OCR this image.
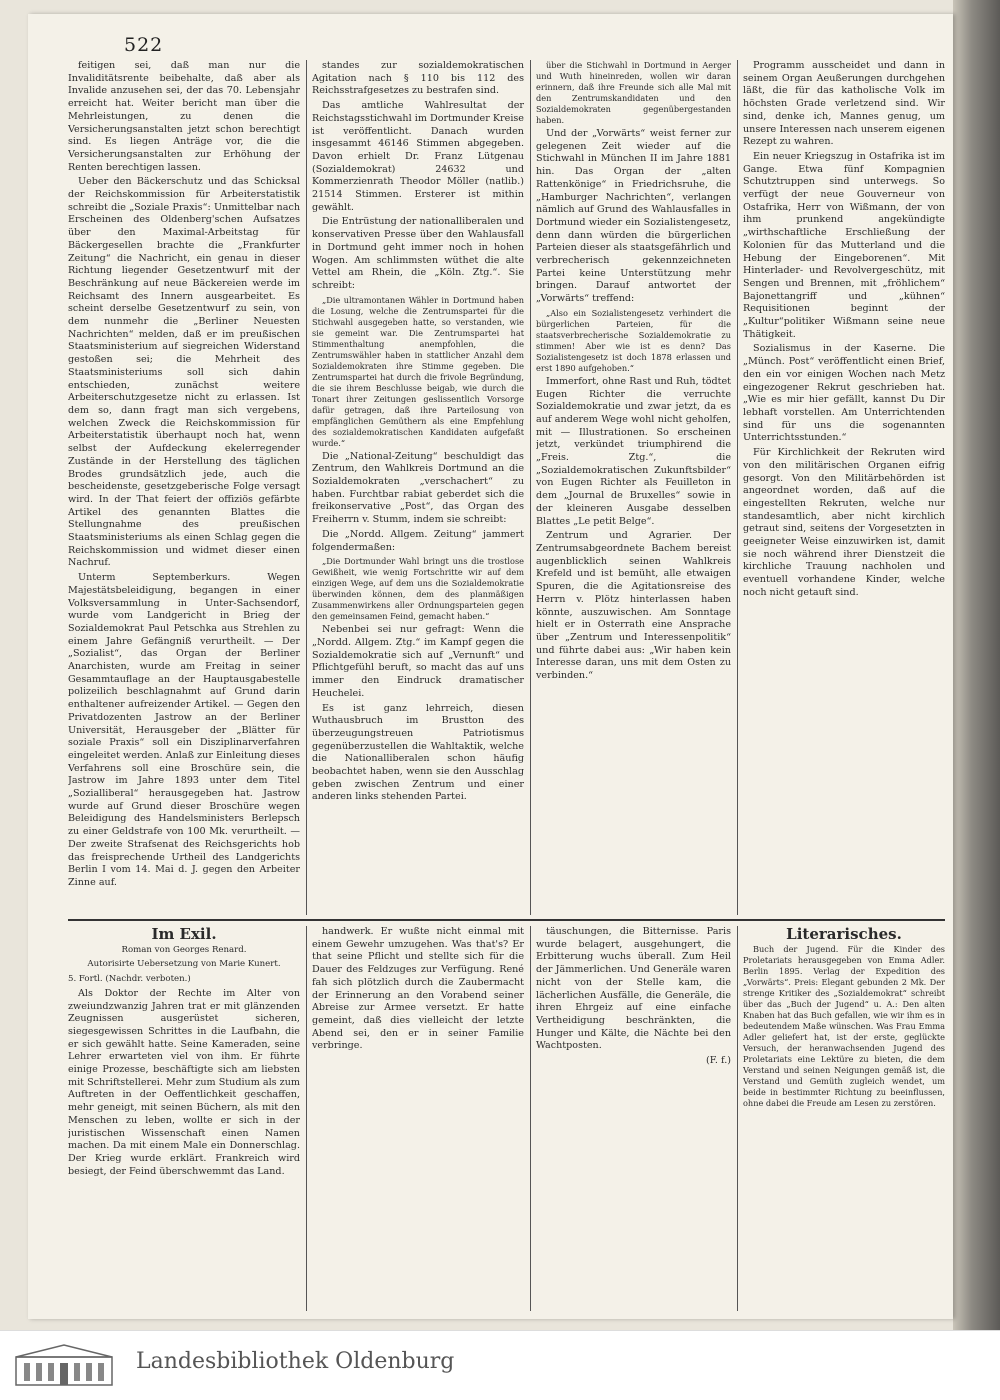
522

feitigen sei, daß man nur die Invaliditätsrente beibehalte, daß aber als Invalide anzusehen sei, der das 70. Lebensjahr erreicht hat. Weiter bericht man über die Mehrleistungen, zu denen die Versicherungsanstalten jetzt schon berechtigt sind. Es liegen Anträge vor, die die Versicherungsanstalten zur Erhöhung der Renten berechtigen lassen.

Ueber den Bäckerschutz und das Schicksal der Reichskommission für Arbeiterstatistik schreibt die „Soziale Praxis“: Unmittelbar nach Erscheinen des Oldenberg'schen Aufsatzes über den Maximal-Arbeitstag für Bäckergesellen brachte die „Frankfurter Zeitung“ die Nachricht, ein genau in dieser Richtung liegender Gesetzentwurf mit der Beschränkung auf neue Bäckereien werde im Reichsamt des Innern ausgearbeitet. Es scheint derselbe Gesetzentwurf zu sein, von dem nunmehr die „Berliner Neuesten Nachrichten“ melden, daß er im preußischen Staatsministerium auf siegreichen Widerstand gestoßen sei; die Mehrheit des Staatsministeriums soll sich dahin entschieden, zunächst weitere Arbeiterschutzgesetze nicht zu erlassen. Ist dem so, dann fragt man sich vergebens, welchen Zweck die Reichskommission für Arbeiterstatistik überhaupt noch hat, wenn selbst der Aufdeckung ekelerregender Zustände in der Herstellung des täglichen Brodes grundsätzlich jede, auch die bescheidenste, gesetzgeberische Folge versagt wird. In der That feiert der offiziös gefärbte Artikel des genannten Blattes die Stellungnahme des preußischen Staatsministeriums als einen Schlag gegen die Reichskommission und widmet dieser einen Nachruf.

Unterm Septemberkurs. Wegen Majestätsbeleidigung, begangen in einer Volksversammlung in Unter-Sachsendorf, wurde vom Landgericht in Brieg der Sozialdemokrat Paul Petschka aus Strehlen zu einem Jahre Gefängniß verurtheilt. — Der „Sozialist“, das Organ der Berliner Anarchisten, wurde am Freitag in seiner Gesammtauflage an der Hauptausgabestelle polizeilich beschlagnahmt auf Grund darin enthaltener aufreizender Artikel. — Gegen den Privatdozenten Jastrow an der Berliner Universität, Herausgeber der „Blätter für soziale Praxis“ soll ein Disziplinarverfahren eingeleitet werden. Anlaß zur Einleitung dieses Verfahrens soll eine Broschüre sein, die Jastrow im Jahre 1893 unter dem Titel „Sozialliberal“ herausgegeben hat. Jastrow wurde auf Grund dieser Broschüre wegen Beleidigung des Handelsministers Berlepsch zu einer Geldstrafe von 100 Mk. verurtheilt. — Der zweite Strafsenat des Reichsgerichts hob das freisprechende Urtheil des Landgerichts Berlin I vom 14. Mai d. J. gegen den Arbeiter Zinne auf.

standes zur sozialdemokratischen Agitation nach § 110 bis 112 des Reichsstrafgesetzes zu bestrafen sind.

Das amtliche Wahlresultat der Reichstagsstichwahl im Dortmunder Kreise ist veröffentlicht. Danach wurden insgesammt 46146 Stimmen abgegeben. Davon erhielt Dr. Franz Lütgenau (Sozialdemokrat) 24632 und Kommerzienrath Theodor Möller (natlib.) 21514 Stimmen. Ersterer ist mithin gewählt.

Die Entrüstung der nationalliberalen und konservativen Presse über den Wahlausfall in Dortmund geht immer noch in hohen Wogen. Am schlimmsten wüthet die alte Vettel am Rhein, die „Köln. Ztg.“. Sie schreibt:

„Die ultramontanen Wähler in Dortmund haben die Losung, welche die Zentrumspartei für die Stichwahl ausgegeben hatte, so verstanden, wie sie gemeint war. Die Zentrumspartei hat Stimmenthaltung anempfohlen, die Zentrumswähler haben in stattlicher Anzahl dem Sozialdemokraten ihre Stimme gegeben. Die Zentrumspartei hat durch die frivole Begründung, die sie ihrem Beschlusse beigab, wie durch die Tonart ihrer Zeitungen geslissentlich Vorsorge dafür getragen, daß ihre Parteilosung von empfänglichen Gemüthern als eine Empfehlung des sozialdemokratischen Kandidaten aufgefaßt wurde.“

Die „National-Zeitung“ beschuldigt das Zentrum, den Wahlkreis Dortmund an die Sozialdemokraten „verschachert“ zu haben. Furchtbar rabiat geberdet sich die freikonservative „Post“, das Organ des Freiherrn v. Stumm, indem sie schreibt:

Die „Nordd. Allgem. Zeitung“ jammert folgendermaßen:

„Die Dortmunder Wahl bringt uns die trostlose Gewißheit, wie wenig Fortschritte wir auf dem einzigen Wege, auf dem uns die Sozialdemokratie überwinden können, dem des planmäßigen Zusammenwirkens aller Ordnungsparteien gegen den gemeinsamen Feind, gemacht haben.“

Nebenbei sei nur gefragt: Wenn die „Nordd. Allgem. Ztg.“ im Kampf gegen die Sozialdemokratie sich auf „Vernunft“ und Pflichtgefühl beruft, so macht das auf uns immer den Eindruck dramatischer Heuchelei.

Es ist ganz lehrreich, diesen Wuthausbruch im Brustton des überzeugungstreuen Patriotismus gegenüberzustellen die Wahltaktik, welche die Nationalliberalen schon häufig beobachtet haben, wenn sie den Ausschlag geben zwischen Zentrum und einer anderen links stehenden Partei.

über die Stichwahl in Dortmund in Aerger und Wuth hineinreden, wollen wir daran erinnern, daß ihre Freunde sich alle Mal mit den Zentrumskandidaten und den Sozialdemokraten gegenübergestanden haben.

Und der „Vorwärts“ weist ferner zur gelegenen Zeit wieder auf die Stichwahl in München II im Jahre 1881 hin. Das Organ der „alten Rattenkönige“ in Friedrichsruhe, die „Hamburger Nachrichten“, verlangen nämlich auf Grund des Wahlausfalles in Dortmund wieder ein Sozialistengesetz, denn dann würden die bürgerlichen Parteien dieser als staatsgefährlich und verbrecherisch gekennzeichneten Partei keine Unterstützung mehr bringen. Darauf antwortet der „Vorwärts“ treffend:

„Also ein Sozialistengesetz verhindert die bürgerlichen Parteien, für die staatsverbrecherische Sozialdemokratie zu stimmen! Aber wie ist es denn? Das Sozialistengesetz ist doch 1878 erlassen und erst 1890 aufgehoben.“

Immerfort, ohne Rast und Ruh, tödtet Eugen Richter die verruchte Sozialdemokratie und zwar jetzt, da es auf anderem Wege wohl nicht geholfen, mit — Illustrationen. So erscheinen jetzt, verkündet triumphirend die „Freis. Ztg.“, die „Sozialdemokratischen Zukunftsbilder“ von Eugen Richter als Feuilleton in dem „Journal de Bruxelles“ sowie in der kleineren Ausgabe desselben Blattes „Le petit Belge“.

Zentrum und Agrarier. Der Zentrumsabgeordnete Bachem bereist augenblicklich seinen Wahlkreis Krefeld und ist bemüht, alle etwaigen Spuren, die die Agitationsreise des Herrn v. Plötz hinterlassen haben könnte, auszuwischen. Am Sonntage hielt er in Osterrath eine Ansprache über „Zentrum und Interessenpolitik“ und führte dabei aus: „Wir haben kein Interesse daran, uns mit dem Osten zu verbinden.“

Programm ausscheidet und dann in seinem Organ Aeußerungen durchgehen läßt, die für das katholische Volk im höchsten Grade verletzend sind. Wir sind, denke ich, Mannes genug, um unsere Interessen nach unserem eigenen Rezept zu wahren.

Ein neuer Kriegszug in Ostafrika ist im Gange. Etwa fünf Kompagnien Schutztruppen sind unterwegs. So verfügt der neue Gouverneur von Ostafrika, Herr von Wißmann, der von ihm prunkend angekündigte „wirthschaftliche Erschließung der Kolonien für das Mutterland und die Hebung der Eingeborenen“. Mit Hinterlader- und Revolvergeschütz, mit Sengen und Brennen, mit „fröhlichem“ Bajonettangriff und „kühnen“ Requisitionen beginnt der „Kultur“politiker Wißmann seine neue Thätigkeit.

Sozialismus in der Kaserne. Die „Münch. Post“ veröffentlicht einen Brief, den ein vor einigen Wochen nach Metz eingezogener Rekrut geschrieben hat. „Wie es mir hier gefällt, kannst Du Dir lebhaft vorstellen. Am Unterrichtenden sind für uns die sogenannten Unterrichtsstunden.“

Für Kirchlichkeit der Rekruten wird von den militärischen Organen eifrig gesorgt. Von den Militärbehörden ist angeordnet worden, daß auf die eingestellten Rekruten, welche nur standesamtlich, aber nicht kirchlich getraut sind, seitens der Vorgesetzten in geeigneter Weise einzuwirken ist, damit sie noch während ihrer Dienstzeit die kirchliche Trauung nachholen und eventuell vorhandene Kinder, welche noch nicht getauft sind.

Im Exil.

Roman von Georges Renard.

Autorisirte Uebersetzung von Marie Kunert.

5. Fortl. (Nachdr. verboten.)

Als Doktor der Rechte im Alter von zweiundzwanzig Jahren trat er mit glänzenden Zeugnissen ausgerüstet sicheren, siegesgewissen Schrittes in die Laufbahn, die er sich gewählt hatte. Seine Kameraden, seine Lehrer erwarteten viel von ihm. Er führte einige Prozesse, beschäftigte sich am liebsten mit Schriftstellerei. Mehr zum Studium als zum Auftreten in der Oeffentlichkeit geschaffen, mehr geneigt, mit seinen Büchern, als mit den Menschen zu leben, wollte er sich in der juristischen Wissenschaft einen Namen machen. Da mit einem Male ein Donnerschlag. Der Krieg wurde erklärt. Frankreich wird besiegt, der Feind überschwemmt das Land.

handwerk. Er wußte nicht einmal mit einem Gewehr umzugehen. Was that's? Er that seine Pflicht und stellte sich für die Dauer des Feldzuges zur Verfügung. René fah sich plötzlich durch die Zaubermacht der Erinnerung an den Vorabend seiner Abreise zur Armee versetzt. Er hatte gemeint, daß dies vielleicht der letzte Abend sei, den er in seiner Familie verbringe.

täuschungen, die Bitternisse. Paris wurde belagert, ausgehungert, die Erbitterung wuchs überall. Zum Heil der Jämmerlichen. Und Generäle waren nicht von der Stelle kam, die lächerlichen Ausfälle, die Generäle, die ihren Ehrgeiz auf eine einfache Vertheidigung beschränkten, die Hunger und Kälte, die Nächte bei den Wachtposten.

(F. f.)

Literarisches.

Buch der Jugend. Für die Kinder des Proletariats herausgegeben von Emma Adler. Berlin 1895. Verlag der Expedition des „Vorwärts“. Preis: Elegant gebunden 2 Mk. Der strenge Kritiker des „Sozialdemokrat“ schreibt über das „Buch der Jugend“ u. A.: Den alten Knaben hat das Buch gefallen, wie wir ihm es in bedeutendem Maße wünschen. Was Frau Emma Adler geliefert hat, ist der erste, geglückte Versuch, der heranwachsenden Jugend des Proletariats eine Lektüre zu bieten, die dem Verstand und seinen Neigungen gemäß ist, die Verstand und Gemüth zugleich wendet, um beide in bestimmter Richtung zu beeinflussen, ohne dabei die Freude am Lesen zu zerstören.

Landesbibliothek Oldenburg
